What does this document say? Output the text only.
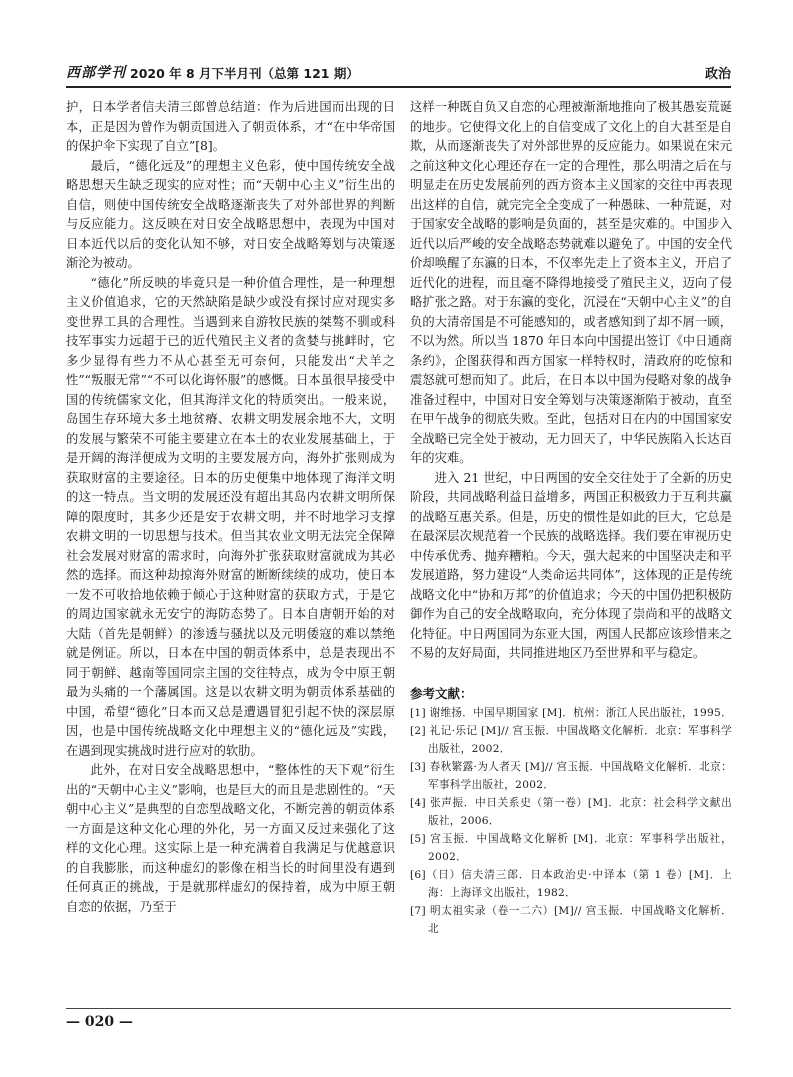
西部学刊 2020 年 8 月下半月刊（总第 121 期）	政治

护，日本学者信夫清三郎曾总结道：作为后进国而出现的日本，正是因为曾作为朝贡国进入了朝贡体系，才“在中华帝国的保护伞下实现了自立”[8]。

最后，“德化远及”的理想主义色彩，使中国传统安全战略思想天生缺乏现实的应对性；而“天朝中心主义”衍生出的自信，则使中国传统安全战略逐渐丧失了对外部世界的判断与反应能力。这反映在对日安全战略思想中，表现为中国对日本近代以后的变化认知不够，对日安全战略筹划与决策逐渐沦为被动。

“德化”所反映的毕竟只是一种价值合理性，是一种理想主义价值追求，它的天然缺陷是缺少或没有探讨应对现实多变世界工具的合理性。当遇到来自游牧民族的桀骜不驯或科技军事实力远超于已的近代殖民主义者的贪婪与挑衅时，它多少显得有些力不从心甚至无可奈何，只能发出“犬羊之性”“叛服无常”“不可以化诲怀服”的感慨。日本虽很早接受中国的传统儒家文化，但其海洋文化的特质突出。一般来说，岛国生存环境大多土地贫瘠、农耕文明发展余地不大，文明的发展与繁荣不可能主要建立在本土的农业发展基础上，于是开阔的海洋便成为文明的主要发展方向，海外扩张则成为获取财富的主要途径。日本的历史便集中地体现了海洋文明的这一特点。当文明的发展还没有超出其岛内农耕文明所保障的限度时，其多少还是安于农耕文明，并不时地学习支撑农耕文明的一切思想与技术。但当其农业文明无法完全保障社会发展对财富的需求时，向海外扩张获取财富就成为其必然的选择。而这种劫掠海外财富的断断续续的成功，使日本一发不可收拾地依赖于倾心于这种财富的获取方式，于是它的周边国家就永无安宁的海防态势了。日本自唐朝开始的对大陆（首先是朝鲜）的渗透与骚扰以及元明倭寇的难以禁绝就是例证。所以，日本在中国的朝贡体系中，总是表现出不同于朝鲜、越南等国同宗主国的交往特点，成为令中原王朝最为头痛的一个藩属国。这是以农耕文明为朝贡体系基础的中国，希望“德化”日本而又总是遭遇冒犯引起不快的深层原因，也是中国传统战略文化中理想主义的“德化远及”实践，在遇到现实挑战时进行应对的软肋。

此外，在对日安全战略思想中，“整体性的天下观”衍生出的“天朝中心主义”影响，也是巨大的而且是悲剧性的。“天朝中心主义”是典型的自恋型战略文化，不断完善的朝贡体系一方面是这种文化心理的外化，另一方面又反过来强化了这样的文化心理。这实际上是一种充满着自我满足与优越意识的自我膨胀，而这种虚幻的影像在相当长的时间里没有遇到任何真正的挑战，于是就那样虚幻的保持着，成为中原王朝自恋的依据，乃至于

这样一种既自负又自恋的心理被渐渐地推向了极其愚妄荒诞的地步。它使得文化上的自信变成了文化上的自大甚至是自欺，从而逐渐丧失了对外部世界的反应能力。如果说在宋元之前这种文化心理还存在一定的合理性，那么明清之后在与明显走在历史发展前列的西方资本主义国家的交往中再表现出这样的自信，就完完全全变成了一种愚昧、一种荒诞，对于国家安全战略的影响是负面的，甚至是灾难的。中国步入近代以后严峻的安全战略态势就难以避免了。中国的安全代价却唤醒了东瀛的日本，不仅率先走上了资本主义，开启了近代化的进程，而且毫不降得地接受了殖民主义，迈向了侵略扩张之路。对于东瀛的变化，沉浸在“天朝中心主义”的自负的大清帝国是不可能感知的，或者感知到了却不屑一顾，不以为然。所以当 1870 年日本向中国提出签订《中日通商条约》，企图获得和西方国家一样特权时，清政府的吃惊和震怒就可想而知了。此后，在日本以中国为侵略对象的战争准备过程中，中国对日安全筹划与决策逐渐陷于被动，直至在甲午战争的彻底失败。至此，包括对日在内的中国国家安全战略已完全处于被动，无力回天了，中华民族陷入长达百年的灾难。

进入 21 世纪，中日两国的安全交往处于了全新的历史阶段，共同战略利益日益增多，两国正积极致力于互利共赢的战略互惠关系。但是，历史的惯性是如此的巨大，它总是在最深层次规范着一个民族的战略选择。我们要在审视历史中传承优秀、抛弃糟粕。今天，强大起来的中国坚决走和平发展道路，努力建设“人类命运共同体”，这体现的正是传统战略文化中“协和万邦”的价值追求；今天的中国仍把积极防御作为自己的安全战略取向，充分体现了崇尚和平的战略文化特征。中日两国同为东亚大国，两国人民都应该珍惜来之不易的友好局面，共同推进地区乃至世界和平与稳定。

参考文献：
[1] 谢维扬．中国早期国家 [M]．杭州：浙江人民出版社，1995．
[2] 礼记·乐记 [M]// 宫玉振．中国战略文化解析．北京：军事科学出版社，2002．
[3] 春秋繁露·为人者天 [M]// 宫玉振．中国战略文化解析．北京：军事科学出版社，2002．
[4] 张声振．中日关系史（第一卷）[M]．北京：社会科学文献出版社，2006．
[5] 宫玉振．中国战略文化解析 [M]．北京：军事科学出版社，2002．
[6]（日）信夫清三郎．日本政治史·中译本（第 1 卷）[M]．上海：上海译文出版社，1982．
[7] 明太祖实录（卷一二六）[M]// 宫玉振．中国战略文化解析．北
— 020 —
